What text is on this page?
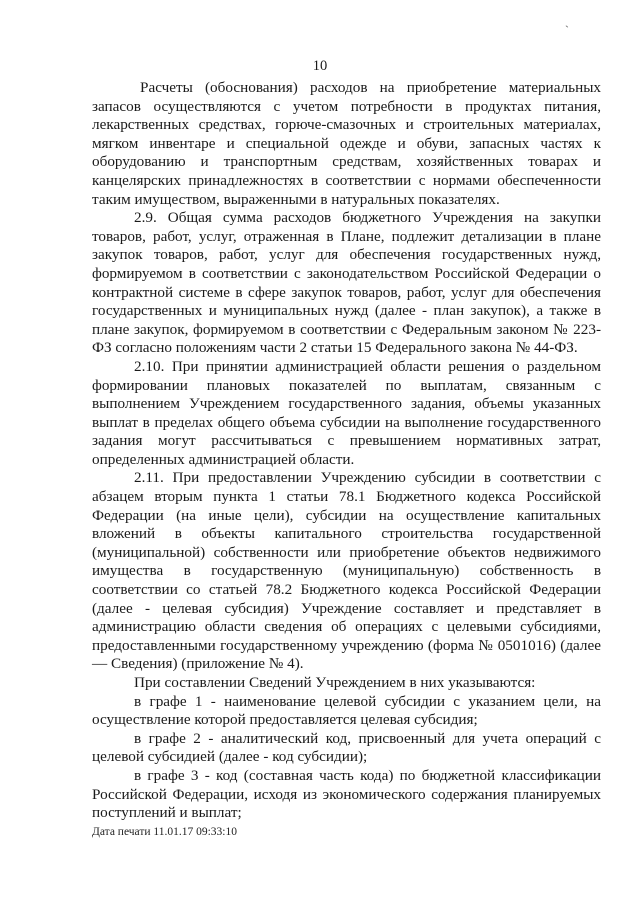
ˎ
10

Расчеты (обоснования) расходов на приобретение материальных запасов осуществляются с учетом потребности в продуктах питания, лекарственных средствах, горюче-смазочных и строительных материалах, мягком инвентаре и специальной одежде и обуви, запасных частях к оборудованию и транспортным средствам, хозяйственных товарах и канцелярских принадлежностях в соответствии с нормами обеспеченности таким имуществом, выраженными в натуральных показателях.

2.9. Общая сумма расходов бюджетного Учреждения на закупки товаров, работ, услуг, отраженная в Плане, подлежит детализации в плане закупок товаров, работ, услуг для обеспечения государственных нужд, формируемом в соответствии с законодательством Российской Федерации о контрактной системе в сфере закупок товаров, работ, услуг для обеспечения государственных и муниципальных нужд (далее - план закупок), а также в плане закупок, формируемом в соответствии с Федеральным законом № 223-ФЗ согласно положениям части 2 статьи 15 Федерального закона № 44-ФЗ.

2.10. При принятии администрацией области решения о раздельном формировании плановых показателей по выплатам, связанным с выполнением Учреждением государственного задания, объемы указанных выплат в пределах общего объема субсидии на выполнение государственного задания могут рассчитываться с превышением нормативных затрат, определенных администрацией области.

2.11. При предоставлении Учреждению субсидии в соответствии с абзацем вторым пункта 1 статьи 78.1 Бюджетного кодекса Российской Федерации (на иные цели), субсидии на осуществление капитальных вложений в объекты капитального строительства государственной (муниципальной) собственности или приобретение объектов недвижимого имущества в государственную (муниципальную) собственность в соответствии со статьей 78.2 Бюджетного кодекса Российской Федерации (далее - целевая субсидия) Учреждение составляет и представляет в администрацию области сведения об операциях с целевыми субсидиями, предоставленными государственному учреждению (форма № 0501016) (далее — Сведения) (приложение № 4).

При составлении Сведений Учреждением в них указываются:

в графе 1 - наименование целевой субсидии с указанием цели, на осуществление которой предоставляется целевая субсидия;

в графе 2 - аналитический код, присвоенный для учета операций с целевой субсидией (далее - код субсидии);

в графе 3 - код (составная часть кода) по бюджетной классификации Российской Федерации, исходя из экономического содержания планируемых поступлений и выплат;

Дата печати 11.01.17 09:33:10
